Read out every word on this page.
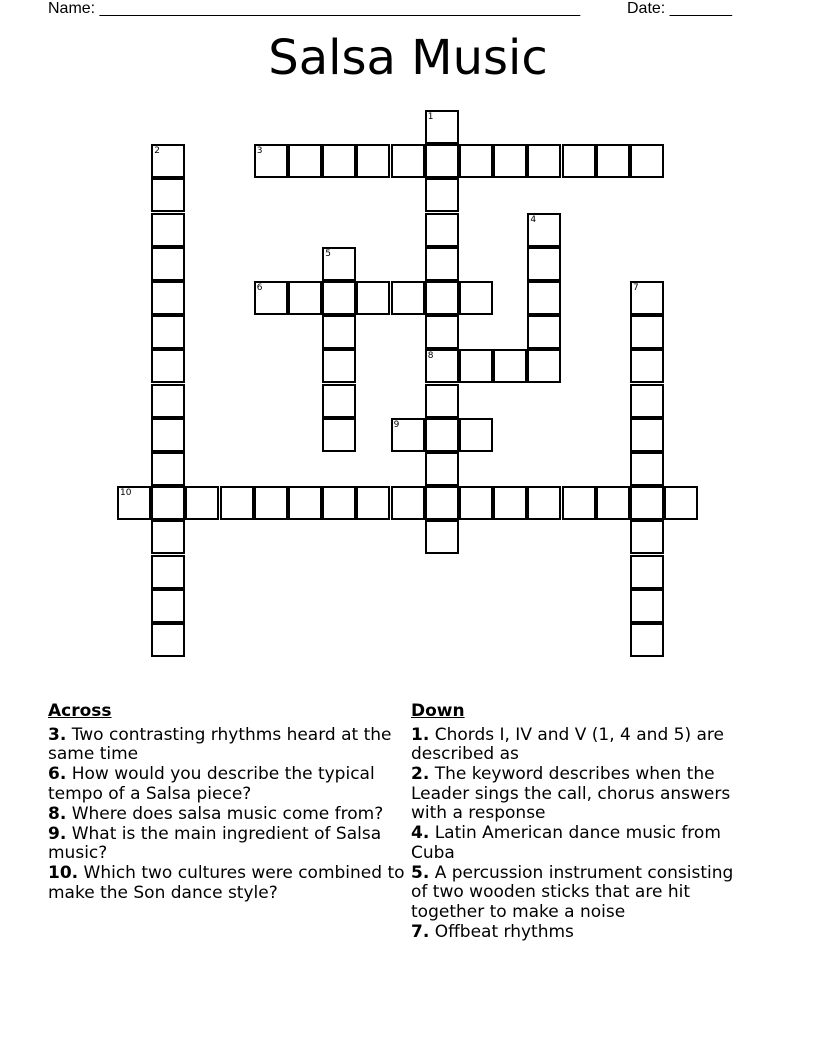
Name: ______________________________________________________	Date: _______
Salsa Music
1
8
2	3
4
5
6	7
9
10
Across
3. Two contrasting rhythms heard at the same time
6. How would you describe the typical tempo of a Salsa piece?
8. Where does salsa music come from?
9. What is the main ingredient of Salsa music?
10. Which two cultures were combined to make the Son dance style?
Down
1. Chords I, IV and V (1, 4 and 5) are described as
2. The keyword describes when the Leader sings the call, chorus answers with a response
4. Latin American dance music from Cuba
5. A percussion instrument consisting of two wooden sticks that are hit together to make a noise
7. Offbeat rhythms
